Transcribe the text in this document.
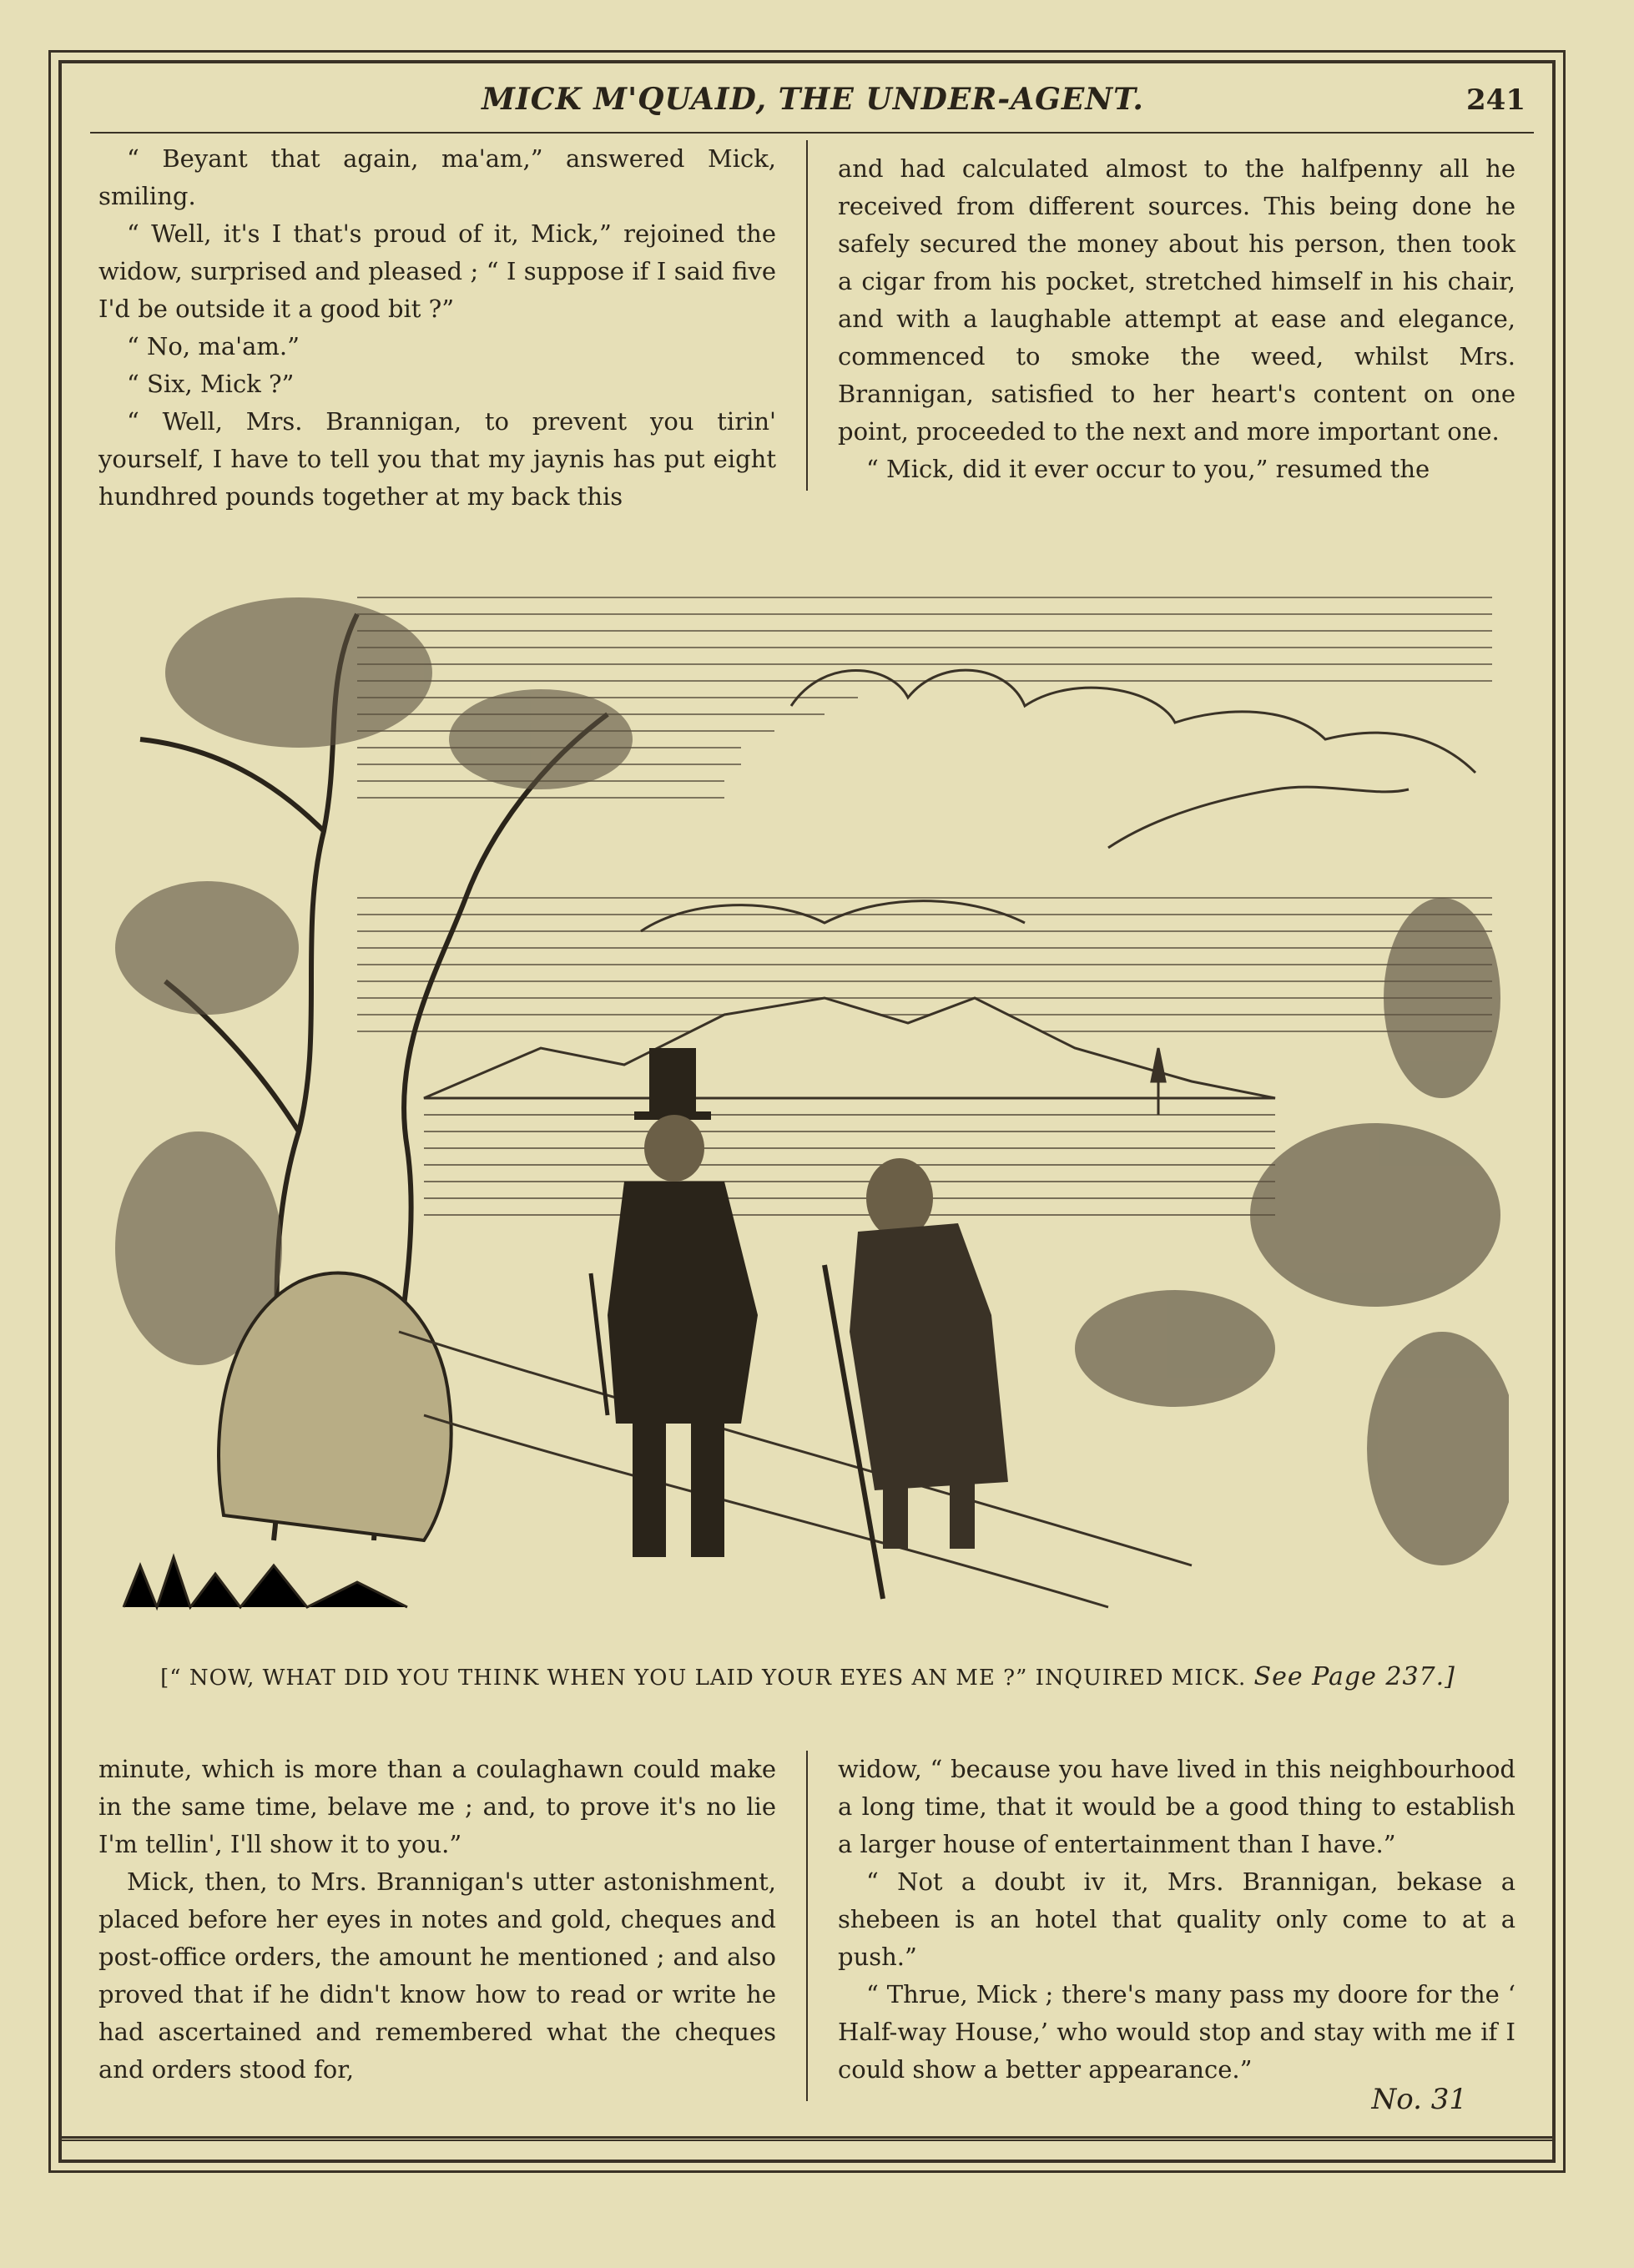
MICK M'QUAID, THE UNDER-AGENT.	241

“ Beyant that again, ma'am,” answered Mick, smiling.

“ Well, it's I that's proud of it, Mick,” rejoined the widow, surprised and pleased ; “ I suppose if I said five I'd be outside it a good bit ?”

“ No, ma'am.”

“ Six, Mick ?”

“ Well, Mrs. Brannigan, to prevent you tirin' yourself, I have to tell you that my jaynis has put eight hundhred pounds together at my back this

and had calculated almost to the halfpenny all he received from different sources. This being done he safely secured the money about his person, then took a cigar from his pocket, stretched himself in his chair, and with a laughable attempt at ease and elegance, commenced to smoke the weed, whilst Mrs. Brannigan, satisfied to her heart's content on one point, proceeded to the next and more important one.

“ Mick, did it ever occur to you,” resumed the

[“ NOW, WHAT DID YOU THINK WHEN YOU LAID YOUR EYES AN ME ?” INQUIRED MICK. See Page 237.]

minute, which is more than a coulaghawn could make in the same time, belave me ; and, to prove it's no lie I'm tellin', I'll show it to you.”

Mick, then, to Mrs. Brannigan's utter astonishment, placed before her eyes in notes and gold, cheques and post-office orders, the amount he mentioned ; and also proved that if he didn't know how to read or write he had ascertained and remembered what the cheques and orders stood for,

widow, “ because you have lived in this neighbourhood a long time, that it would be a good thing to establish a larger house of entertainment than I have.”

“ Not a doubt iv it, Mrs. Brannigan, bekase a shebeen is an hotel that quality only come to at a push.”

“ Thrue, Mick ; there's many pass my doore for the ‘ Half-way House,’ who would stop and stay with me if I could show a better appearance.”

No. 31
